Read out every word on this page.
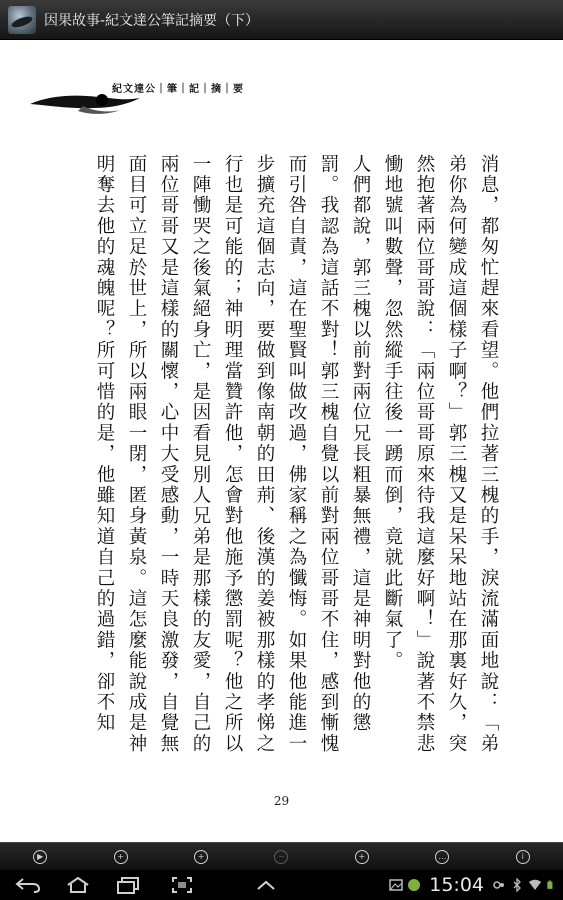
因果故事-紀文達公筆記摘要（下）
紀文達公｜筆｜記｜摘｜要

消息，都匆忙趕來看望。他們拉著三槐的手，淚流滿面地說：「弟弟你為何變成這個樣子啊？」郭三槐又是呆呆地站在那裏好久，突然抱著兩位哥哥說：「兩位哥哥原來待我這麼好啊！」說著不禁悲慟地號叫數聲，忽然縱手往後一踴而倒，竟就此斷氣了。

人們都說，郭三槐以前對兩位兄長粗暴無禮，這是神明對他的懲罰。我認為這話不對！郭三槐自覺以前對兩位哥哥不住，感到慚愧而引咎自責，這在聖賢叫做改過，佛家稱之為懺悔。如果他能進一步擴充這個志向，要做到像南朝的田荊、後漢的姜被那樣的孝悌之行也是可能的；神明理當贊許他，怎會對他施予懲罰呢？他之所以一陣慟哭之後氣絕身亡，是因看見別人兄弟是那樣的友愛，自己的兩位哥哥又是這樣的關懷，心中大受感動，一時天良激發，自覺無面目可立足於世上，所以兩眼一閉，匿身黃泉。這怎麼能說成是神明奪去他的魂魄呢？所可惜的是，他雖知道自己的過錯，卻不知

29
▶	+	+	−	+	…	i
15:04
